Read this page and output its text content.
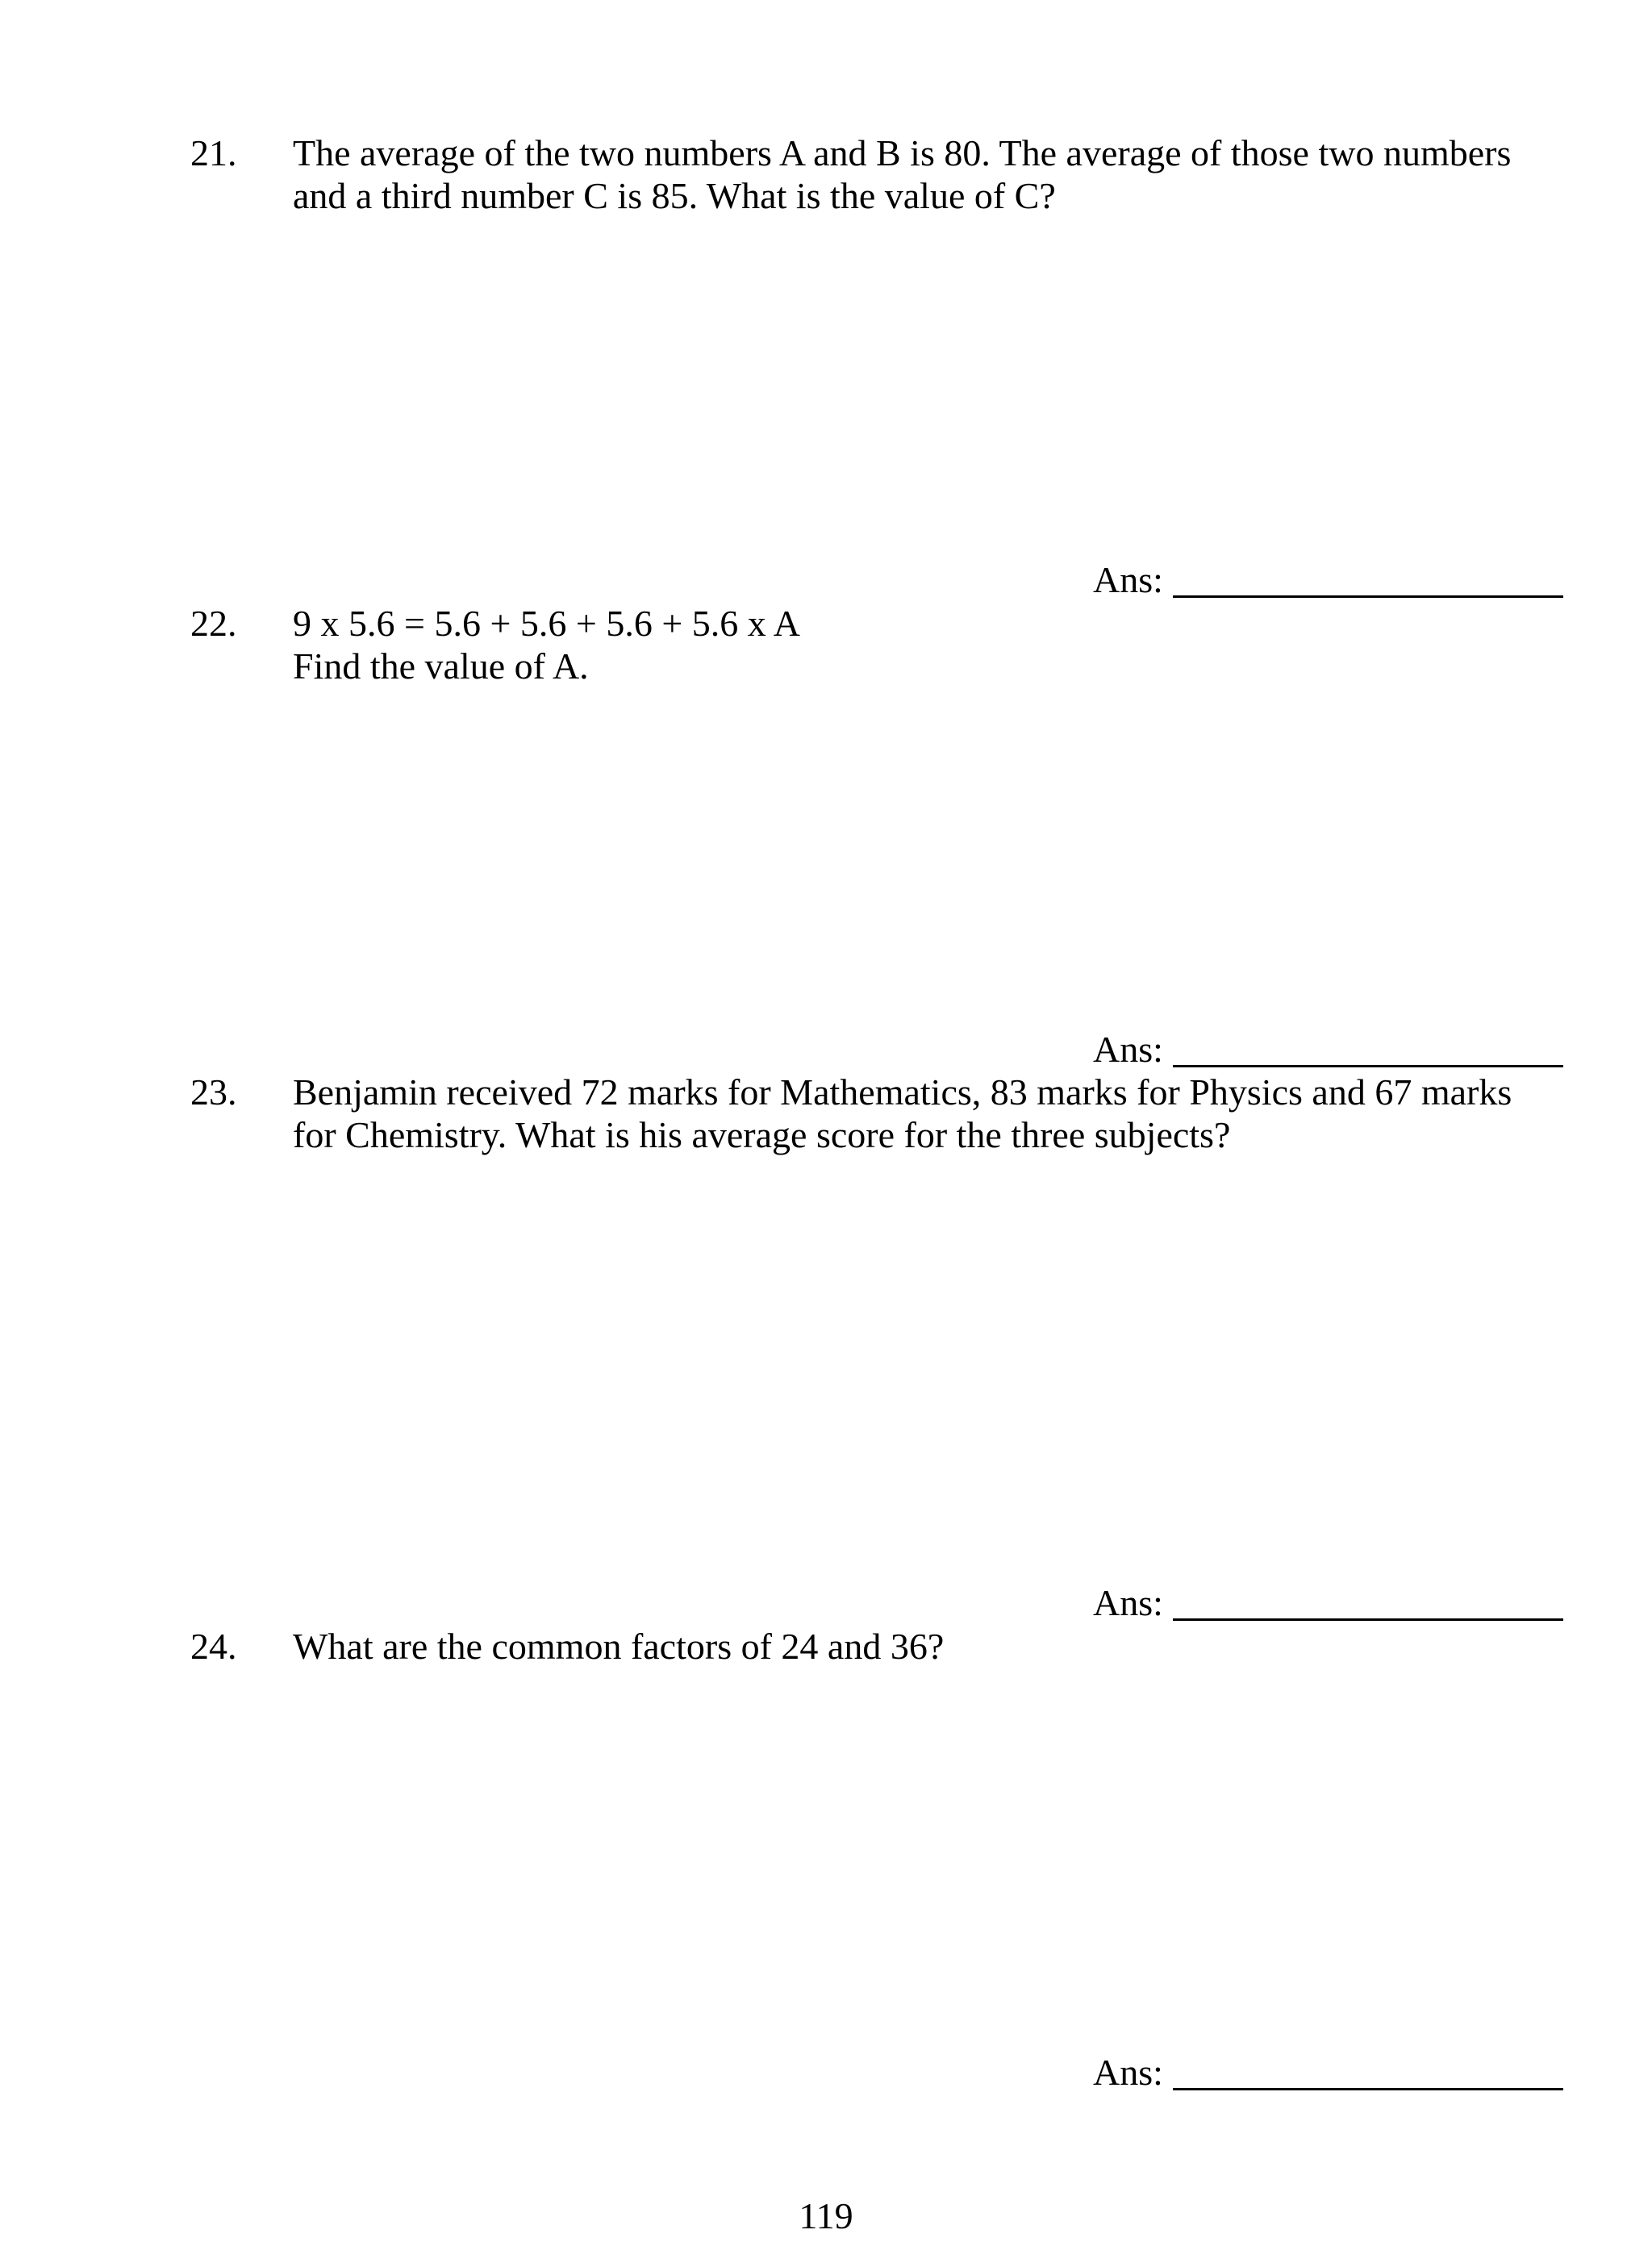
21. The average of the two numbers A and B is 80. The average of those two numbers
and a third number C is 85. What is the value of C?
Ans:
22. 9 x 5.6 = 5.6 + 5.6 + 5.6 + 5.6 x A
Find the value of A.
Ans:
23. Benjamin received 72 marks for Mathematics, 83 marks for Physics and 67 marks
for Chemistry. What is his average score for the three subjects?
Ans:
24. What are the common factors of 24 and 36?
Ans:
119
